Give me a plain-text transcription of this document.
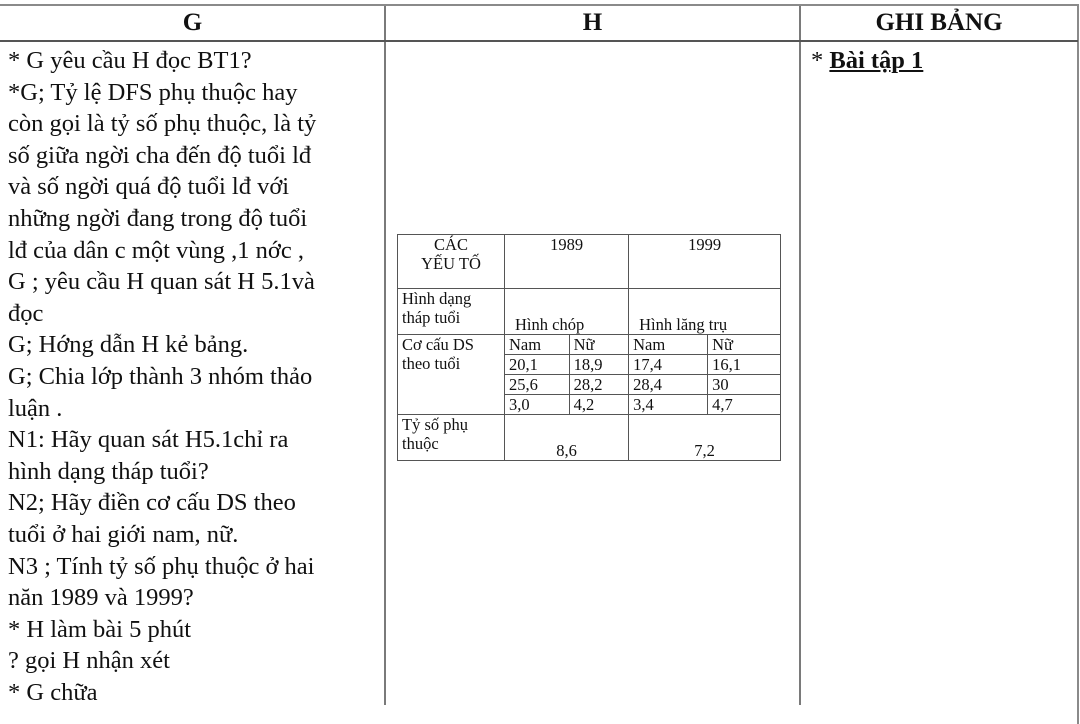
G	H	GHI BẢNG
* G yêu cầu H đọc BT1?
*G; Tỷ lệ DFS phụ thuộc hay
còn gọi là tỷ số phụ thuộc, là tỷ
số giữa ngời cha đến độ tuổi lđ
và số ngời quá độ tuổi lđ với
những ngời đang trong độ tuổi
lđ của dân c một vùng ,1 nớc ,
G ; yêu cầu H quan sát H 5.1và
đọc
G; Hớng dẫn H kẻ bảng.
G; Chia lớp thành 3 nhóm thảo
luận .
N1: Hãy quan sát H5.1chỉ ra
hình dạng tháp tuổi?
N2; Hãy điền cơ cấu DS theo
tuổi ở hai giới nam, nữ.
N3 ; Tính tỷ số phụ thuộc ở hai
năn 1989 và 1999?
* H làm bài 5 phút
? gọi H nhận xét
* G chữa
* Bài tập 1
CÁC
YẾU TỐ	1989		1999	

Hình dạng
tháp tuổi	Hình chóp		Hình lăng trụ	

Cơ cấu DS
theo tuổi	Nam	Nữ	Nam	Nữ
	20,1	18,9	17,4	16,1
	25,6	28,2	28,4	30
	3,0	4,2	3,4	4,7

Tỷ số phụ
thuộc	8,6		7,2	
